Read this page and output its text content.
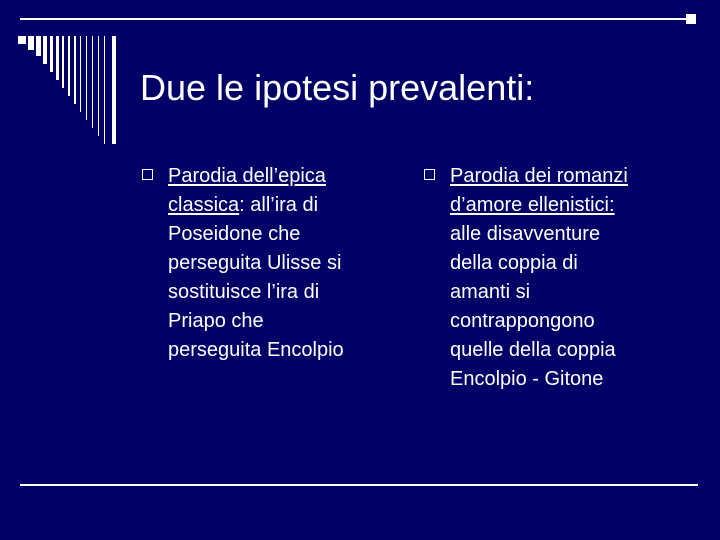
Due le ipotesi prevalenti:
Parodia dell’epica
classica: all’ira di
Poseidone che
perseguita Ulisse si
sostituisce l’ira di
Priapo che
perseguita Encolpio
Parodia dei romanzi
d’amore ellenistici:
alle disavventure
della coppia di
amanti si
contrappongono
quelle della coppia
Encolpio - Gitone
